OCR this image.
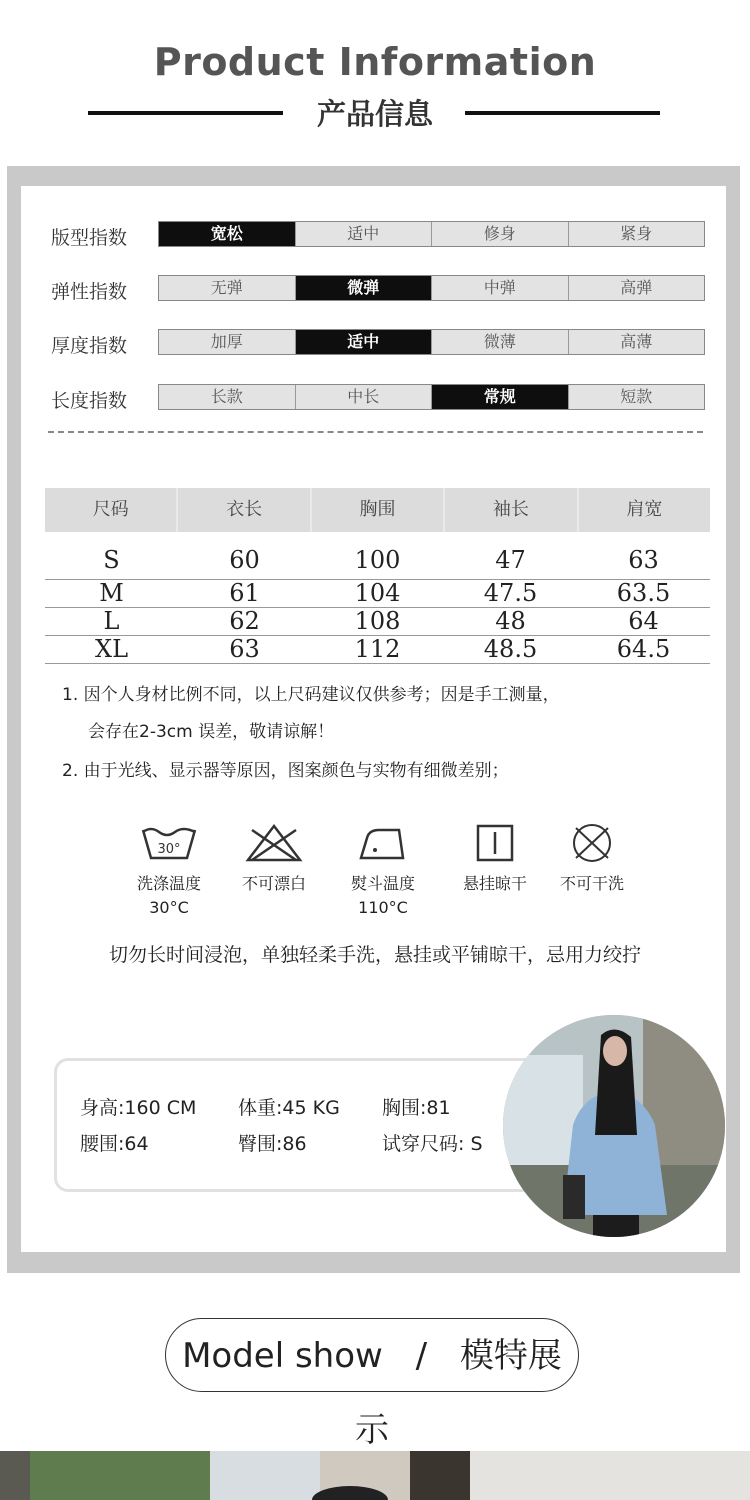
Product Information
产品信息
版型指数	宽松	适中	修身	紧身
弹性指数	无弹	微弹	中弹	高弹
厚度指数	加厚	适中	微薄	高薄
长度指数	长款	中长	常规	短款
尺码	衣长	胸围	袖长	肩宽
S	60	100	47	63
M	61	104	47.5	63.5
L	62	108	48	64
XL	63	112	48.5	64.5
1. 因个人身材比例不同，以上尺码建议仅供参考；因是手工测量，
会存在2-3cm 误差，敬请谅解！
2. 由于光线、显示器等原因，图案颜色与实物有细微差别；
30°
洗涤温度
30°C
不可漂白	熨斗温度
110°C
悬挂晾干	不可干洗
切勿长时间浸泡，单独轻柔手洗，悬挂或平铺晾干，忌用力绞拧
身高:160 CM 体重:45 KG 胸围:81
腰围:64	臀围:86	试穿尺码: S
Model show / 模特展示
